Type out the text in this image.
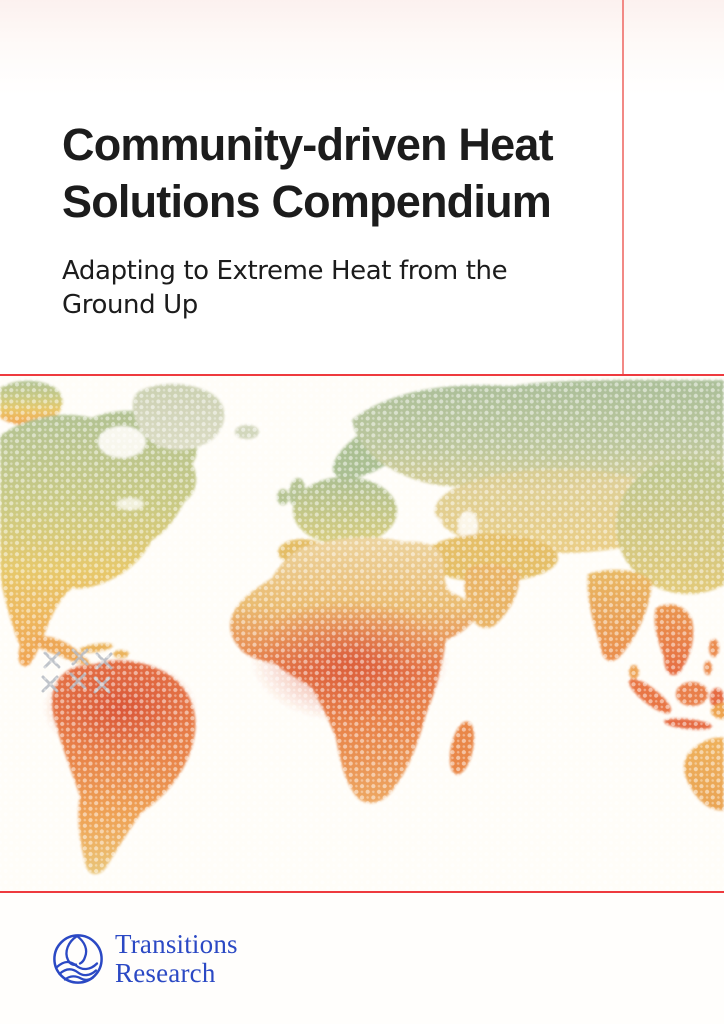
Community-driven Heat
Solutions Compendium

Adapting to Extreme Heat from the Ground Up

Transitions
Research
